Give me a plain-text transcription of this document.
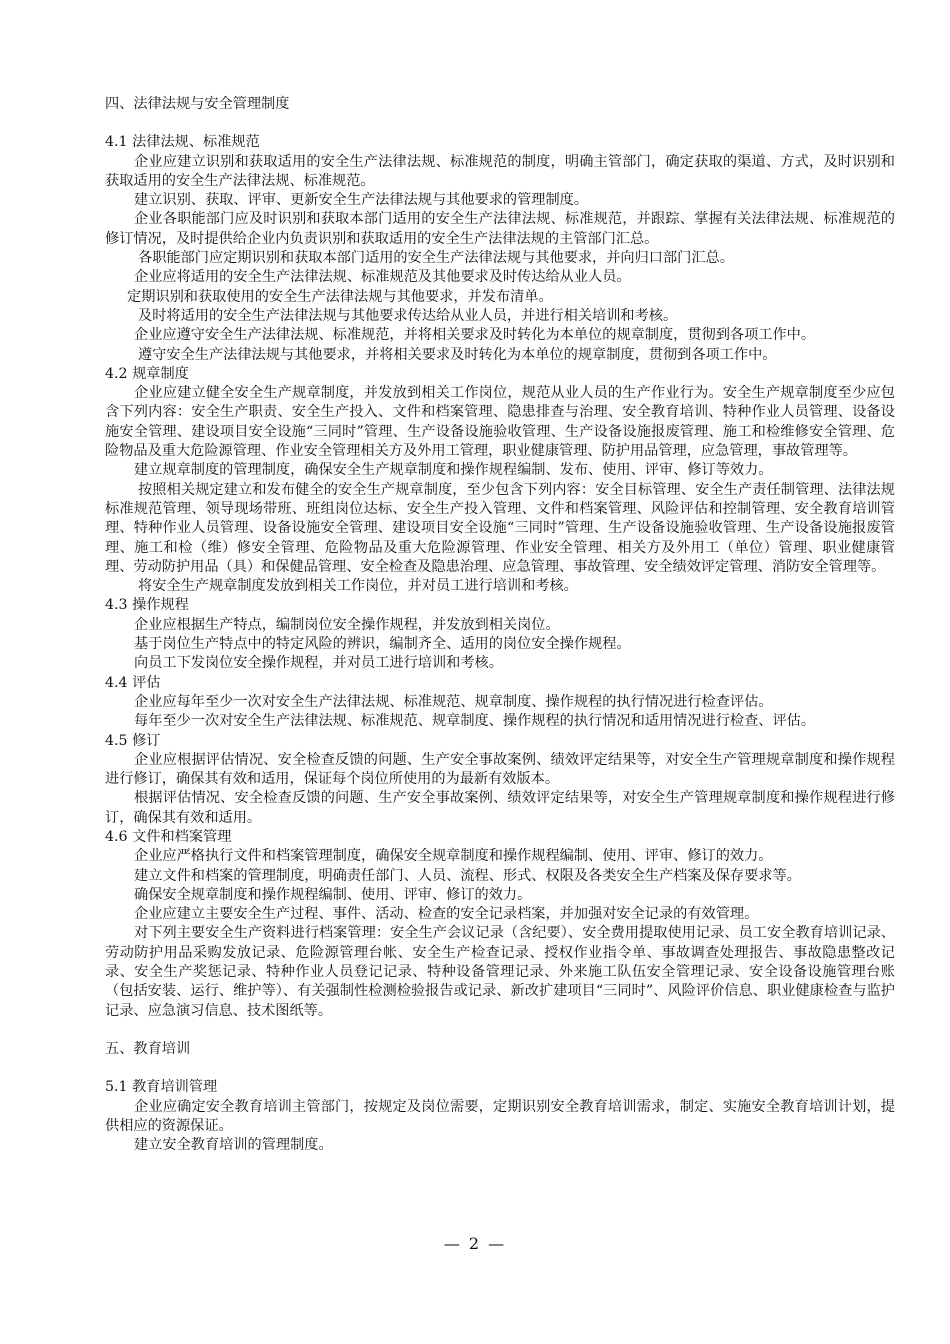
四、法律法规与安全管理制度
4.1 法律法规、标准规范

企业应建立识别和获取适用的安全生产法律法规、标准规范的制度，明确主管部门，确定获取的渠道、方式，及时识别和获取适用的安全生产法律法规、标准规范。

建立识别、获取、评审、更新安全生产法律法规与其他要求的管理制度。

企业各职能部门应及时识别和获取本部门适用的安全生产法律法规、标准规范，并跟踪、掌握有关法律法规、标准规范的修订情况，及时提供给企业内负责识别和获取适用的安全生产法律法规的主管部门汇总。

各职能部门应定期识别和获取本部门适用的安全生产法律法规与其他要求，并向归口部门汇总。

企业应将适用的安全生产法律法规、标准规范及其他要求及时传达给从业人员。

定期识别和获取使用的安全生产法律法规与其他要求，并发布清单。

及时将适用的安全生产法律法规与其他要求传达给从业人员，并进行相关培训和考核。

企业应遵守安全生产法律法规、标准规范，并将相关要求及时转化为本单位的规章制度，贯彻到各项工作中。

遵守安全生产法律法规与其他要求，并将相关要求及时转化为本单位的规章制度，贯彻到各项工作中。

4.2 规章制度

企业应建立健全安全生产规章制度，并发放到相关工作岗位，规范从业人员的生产作业行为。安全生产规章制度至少应包含下列内容：安全生产职责、安全生产投入、文件和档案管理、隐患排查与治理、安全教育培训、特种作业人员管理、设备设施安全管理、建设项目安全设施“三同时”管理、生产设备设施验收管理、生产设备设施报废管理、施工和检维修安全管理、危险物品及重大危险源管理、作业安全管理相关方及外用工管理，职业健康管理、防护用品管理，应急管理，事故管理等。

建立规章制度的管理制度，确保安全生产规章制度和操作规程编制、发布、使用、评审、修订等效力。

按照相关规定建立和发布健全的安全生产规章制度，至少包含下列内容：安全目标管理、安全生产责任制管理、法律法规标准规范管理、领导现场带班、班组岗位达标、安全生产投入管理、文件和档案管理、风险评估和控制管理、安全教育培训管理、特种作业人员管理、设备设施安全管理、建设项目安全设施“三同时”管理、生产设备设施验收管理、生产设备设施报废管理、施工和检（维）修安全管理、危险物品及重大危险源管理、作业安全管理、相关方及外用工（单位）管理、职业健康管理、劳动防护用品（具）和保健品管理、安全检查及隐患治理、应急管理、事故管理、安全绩效评定管理、消防安全管理等。

将安全生产规章制度发放到相关工作岗位，并对员工进行培训和考核。

4.3 操作规程

企业应根据生产特点，编制岗位安全操作规程，并发放到相关岗位。

基于岗位生产特点中的特定风险的辨识，编制齐全、适用的岗位安全操作规程。

向员工下发岗位安全操作规程，并对员工进行培训和考核。

4.4 评估

企业应每年至少一次对安全生产法律法规、标准规范、规章制度、操作规程的执行情况进行检查评估。

每年至少一次对安全生产法律法规、标准规范、规章制度、操作规程的执行情况和适用情况进行检查、评估。

4.5 修订

企业应根据评估情况、安全检查反馈的问题、生产安全事故案例、绩效评定结果等，对安全生产管理规章制度和操作规程进行修订，确保其有效和适用，保证每个岗位所使用的为最新有效版本。

根据评估情况、安全检查反馈的问题、生产安全事故案例、绩效评定结果等，对安全生产管理规章制度和操作规程进行修订，确保其有效和适用。

4.6 文件和档案管理

企业应严格执行文件和档案管理制度，确保安全规章制度和操作规程编制、使用、评审、修订的效力。

建立文件和档案的管理制度，明确责任部门、人员、流程、形式、权限及各类安全生产档案及保存要求等。

确保安全规章制度和操作规程编制、使用、评审、修订的效力。

企业应建立主要安全生产过程、事件、活动、检查的安全记录档案，并加强对安全记录的有效管理。

对下列主要安全生产资料进行档案管理：安全生产会议记录（含纪要）、安全费用提取使用记录、员工安全教育培训记录、劳动防护用品采购发放记录、危险源管理台帐、安全生产检查记录、授权作业指令单、事故调查处理报告、事故隐患整改记录、安全生产奖惩记录、特种作业人员登记记录、特种设备管理记录、外来施工队伍安全管理记录、安全设备设施管理台账（包括安装、运行、维护等）、有关强制性检测检验报告或记录、新改扩建项目“三同时”、风险评价信息、职业健康检查与监护记录、应急演习信息、技术图纸等。

五、教育培训
5.1 教育培训管理

企业应确定安全教育培训主管部门，按规定及岗位需要，定期识别安全教育培训需求，制定、实施安全教育培训计划，提供相应的资源保证。

建立安全教育培训的管理制度。

— 2 —
